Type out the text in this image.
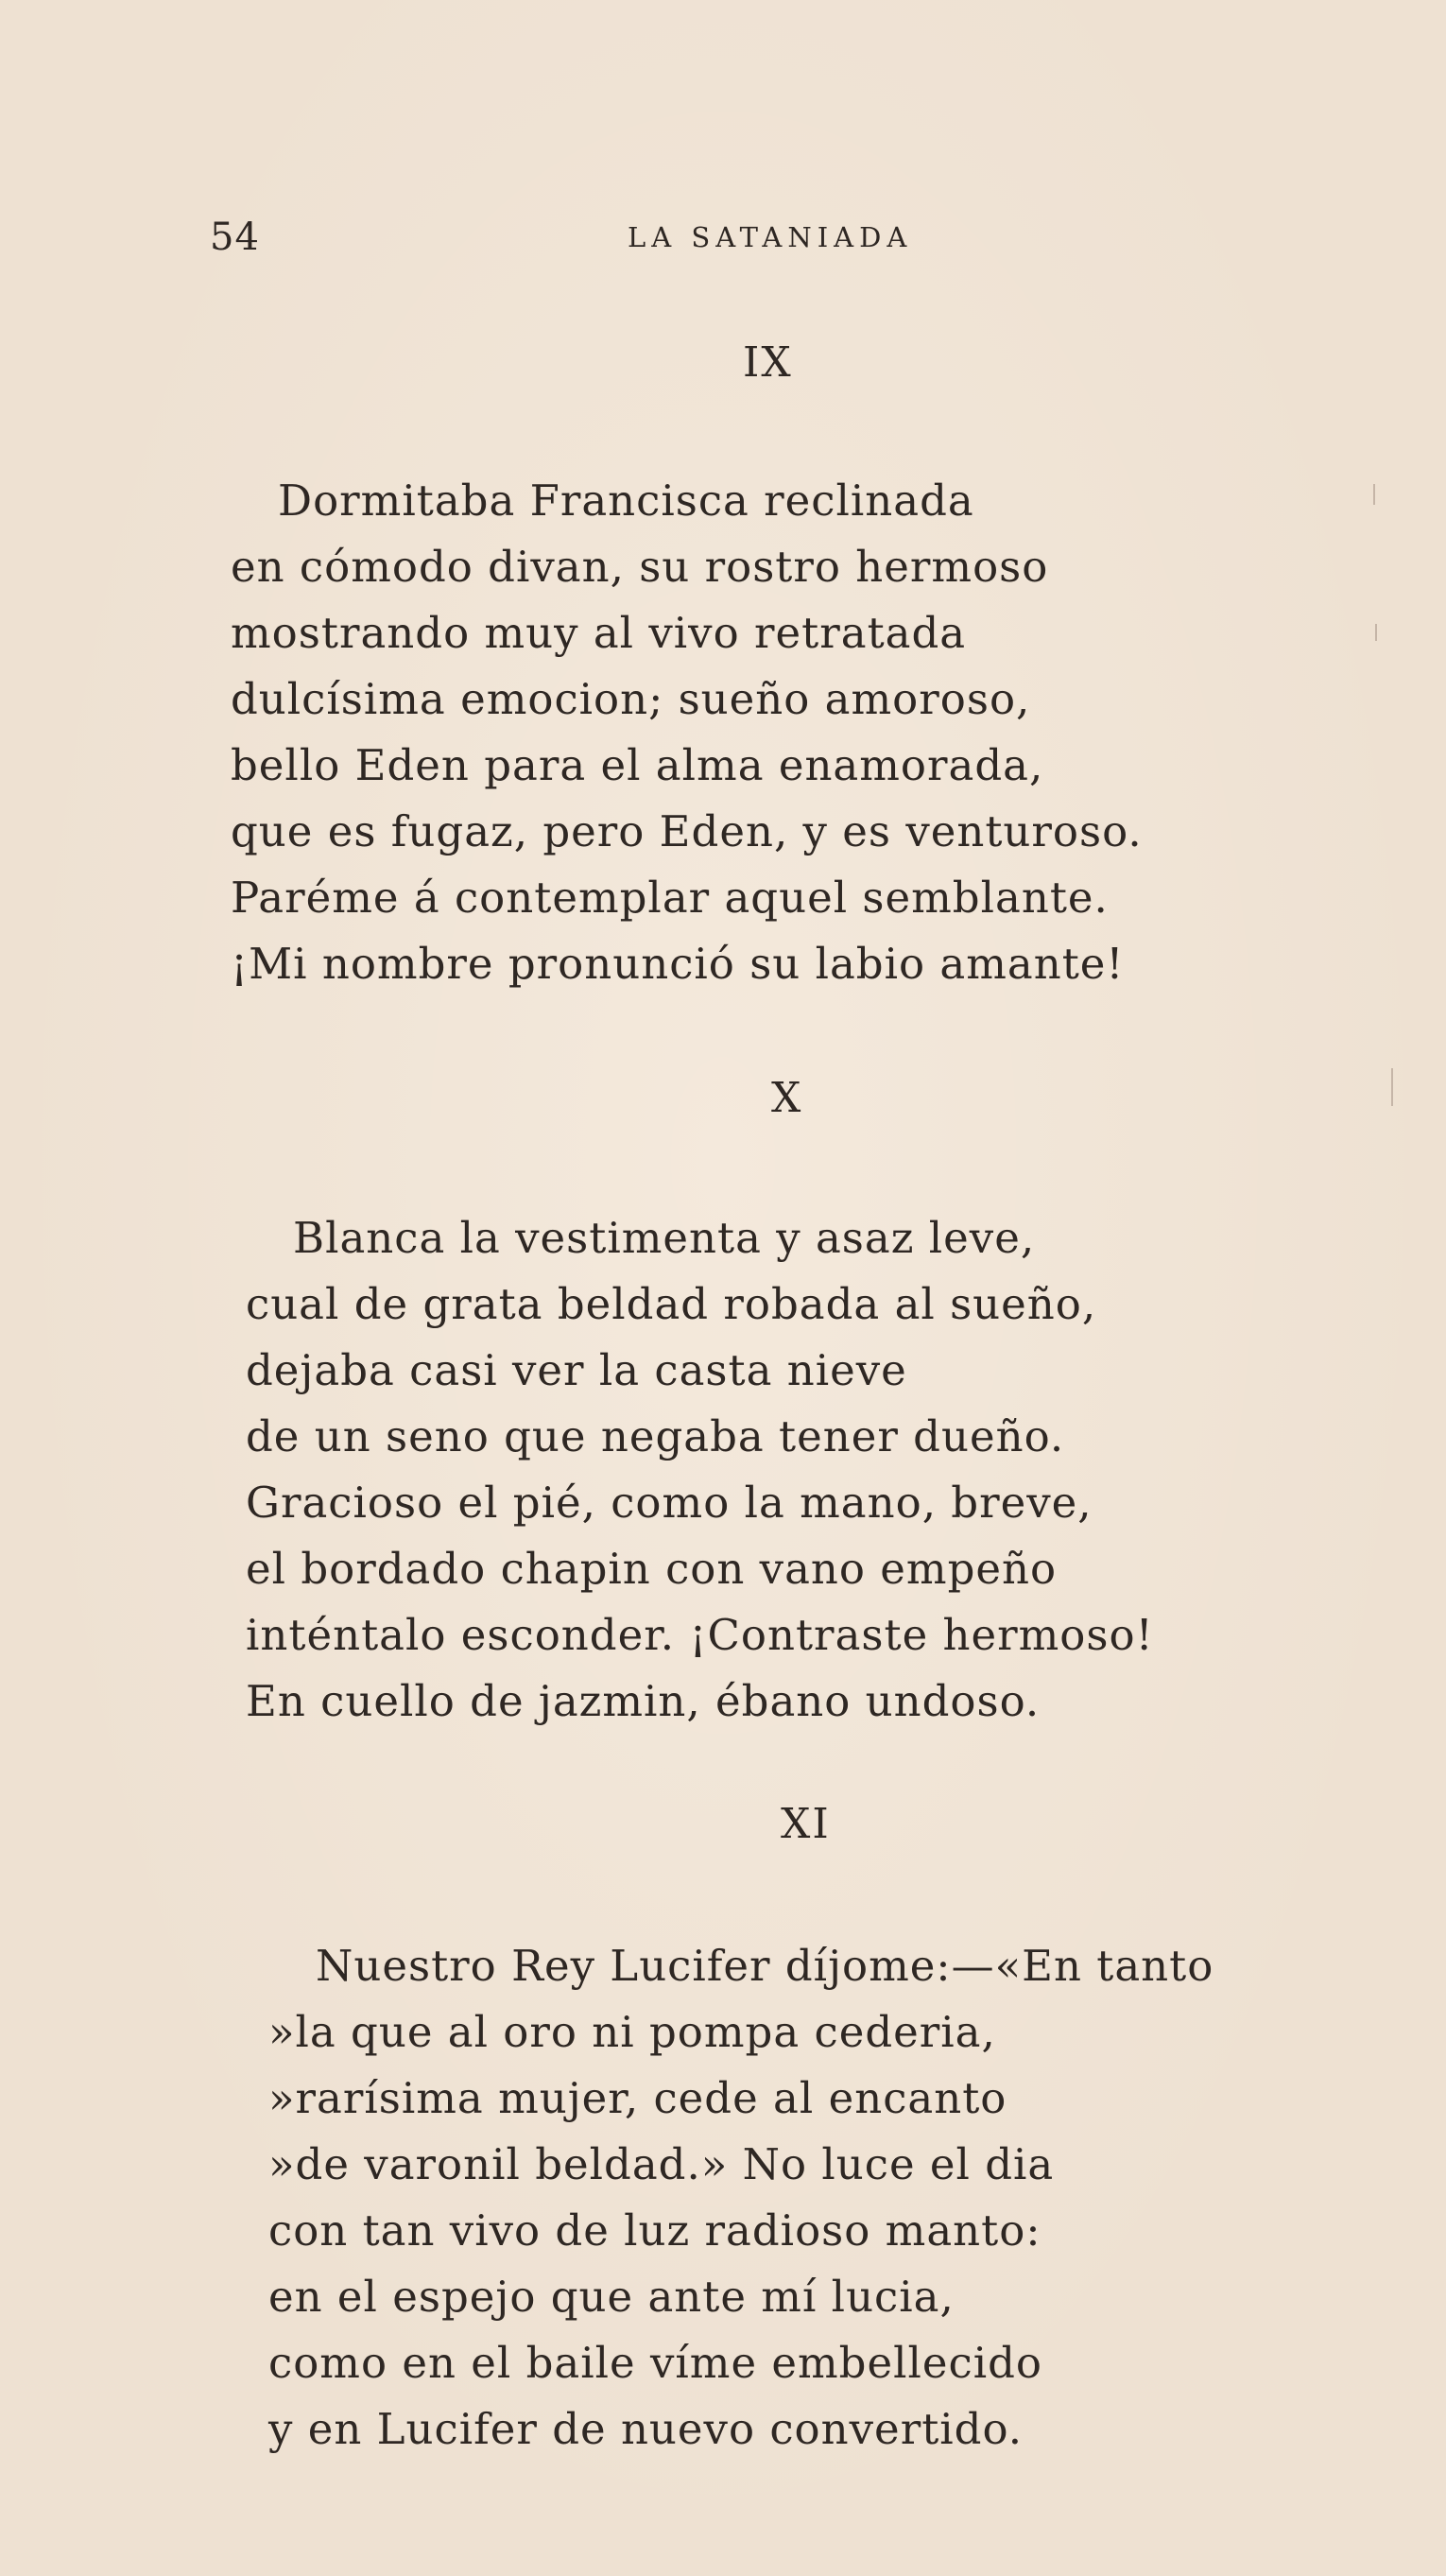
54	LA SATANIADA
IX
Dormitaba Francisca reclinada
en cómodo divan, su rostro hermoso
mostrando muy al vivo retratada
dulcísima emocion; sueño amoroso,
bello Eden para el alma enamorada,
que es fugaz, pero Eden, y es venturoso.
Paréme á contemplar aquel semblante.
¡Mi nombre pronunció su labio amante!
X
Blanca la vestimenta y asaz leve,
cual de grata beldad robada al sueño,
dejaba casi ver la casta nieve
de un seno que negaba tener dueño.
Gracioso el pié, como la mano, breve,
el bordado chapin con vano empeño
inténtalo esconder. ¡Contraste hermoso!
En cuello de jazmin, ébano undoso.
XI
Nuestro Rey Lucifer díjome:—«En tanto
»la que al oro ni pompa cederia,
»rarísima mujer, cede al encanto
»de varonil beldad.» No luce el dia
con tan vivo de luz radioso manto:
en el espejo que ante mí lucia,
como en el baile víme embellecido
y en Lucifer de nuevo convertido.
